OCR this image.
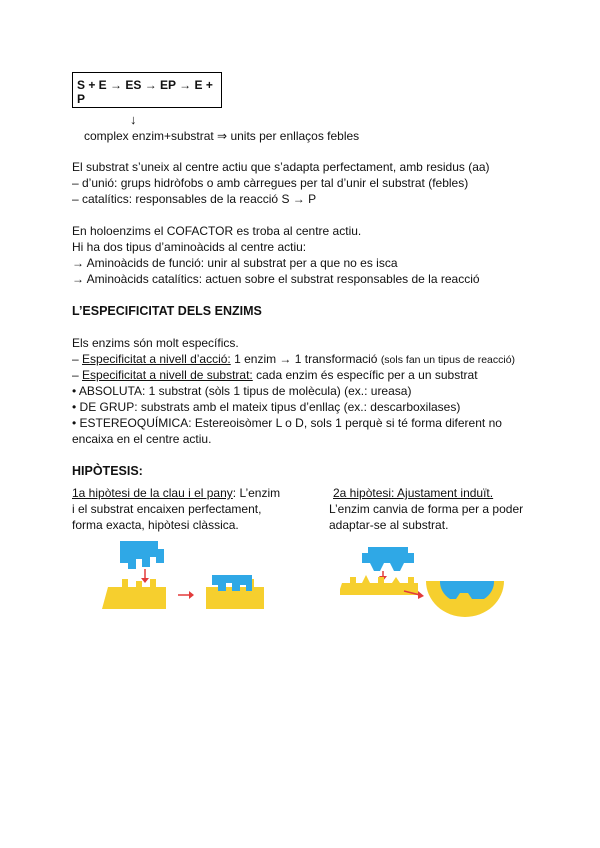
S + E → ES → EP → E + P
↓
complex enzim+substrat ⇒ units per enllaços febles
El substrat s’uneix al centre actiu que s’adapta perfectament, amb residus (aa)
– d’unió: grups hidròfobs o amb càrregues per tal d’unir el substrat (febles)
– catalítics: responsables de la reacció S → P
En holoenzims el COFACTOR es troba al centre actiu.
Hi ha dos tipus d’aminoàcids al centre actiu:
→ Aminoàcids de funció: unir al substrat per a que no es isca
→ Aminoàcids catalítics: actuen sobre el substrat responsables de la reacció
L’ESPECIFICITAT DELS ENZIMS
Els enzims són molt específics.
– Especificitat a nivell d’acció: 1 enzim → 1 transformació (sols fan un tipus de reacció)
– Especificitat a nivell de substrat: cada enzim és específic per a un substrat
• ABSOLUTA: 1 substrat (sòls 1 tipus de molècula) (ex.: ureasa)
• DE GRUP: substrats amb el mateix tipus d’enllaç (ex.: descarboxilases)
• ESTEREOQUÍMICA: Estereoisòmer L o D, sols 1 perquè si té forma diferent no
encaixa en el centre actiu.
HIPÒTESIS:
1a hipòtesi de la clau i el pany: L’enzim
i el substrat encaixen perfectament,
forma exacta, hipòtesi clàssica.
2a hipòtesi: Ajustament induït.
L’enzim canvia de forma per a poder
adaptar-se al substrat.
